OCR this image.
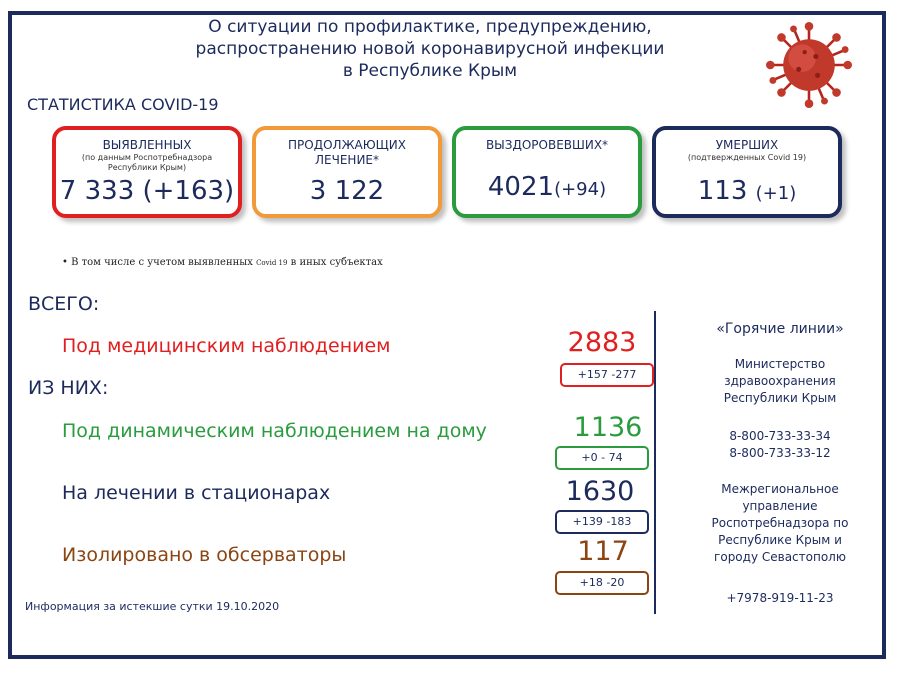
О ситуации по профилактике, предупреждению,
распространению новой коронавирусной инфекции
в Республике Крым
СТАТИСТИКА COVID-19
ВЫЯВЛЕННЫХ
(по данным Роспотребнадзора
Республики Крым)
7 333 (+163)
ПРОДОЛЖАЮЩИХ
ЛЕЧЕНИЕ*
3 122
ВЫЗДОРОВЕВШИХ*
4021(+94)
УМЕРШИХ
(подтвержденных Covid 19)
113 (+1)
• В том числе с учетом выявленных Covid 19 в иных субъектах
ВСЕГО:
ИЗ НИХ:
Под медицинским наблюдением	2883
+157 -277
Под динамическим наблюдением на дому	1136
+0 - 74
На лечении в стационарах	1630
+139 -183
Изолировано в обсерваторы	117
+18 -20
«Горячие линии»
Министерство
здравоохранения
Республики Крым
8-800-733-33-34
8-800-733-33-12
Межрегиональное
управление
Роспотребнадзора по
Республике Крым и
городу Севастополю
+7978-919-11-23
Информация за истекшие сутки 19.10.2020
